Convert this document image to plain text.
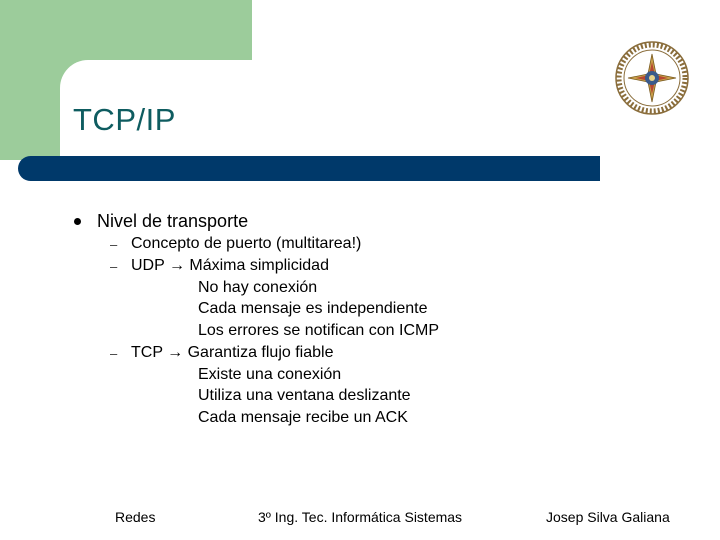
TCP/IP
Nivel de transporte
– Concepto de puerto (multitarea!)
– UDP → Máxima simplicidad
No hay conexión
Cada mensaje es independiente
Los errores se notifican con ICMP
– TCP → Garantiza flujo fiable
Existe una conexión
Utiliza una ventana deslizante
Cada mensaje recibe un ACK
Redes	3º Ing. Tec. Informática Sistemas	Josep Silva Galiana
